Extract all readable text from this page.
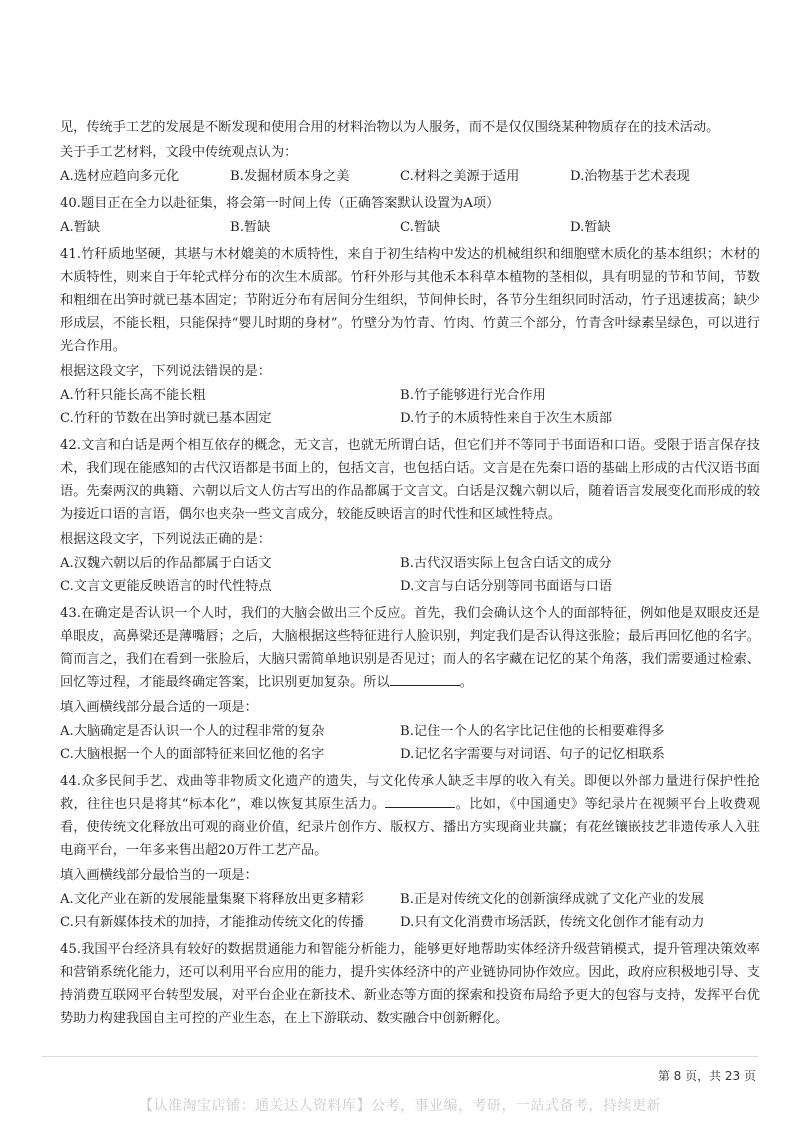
见，传统手工艺的发展是不断发现和使用合用的材料治物以为人服务，而不是仅仅围绕某种物质存在的技术活动。

关于手工艺材料，文段中传统观点认为：

A.选材应趋向多元化	B.发掘材质本身之美	C.材料之美源于适用	D.治物基于艺术表现

40.题目正在全力以赴征集，将会第一时间上传（正确答案默认设置为A项）

A.暂缺	B.暂缺	C.暂缺	D.暂缺

41.竹秆质地坚硬，其堪与木材媲美的木质特性，来自于初生结构中发达的机械组织和细胞壁木质化的基本组织；木材的木质特性，则来自于年轮式样分布的次生木质部。竹秆外形与其他禾本科草本植物的茎相似，具有明显的节和节间，节数和粗细在出笋时就已基本固定；节附近分布有居间分生组织，节间伸长时，各节分生组织同时活动，竹子迅速拔高；缺少形成层，不能长粗，只能保持“婴儿时期的身材”。竹壁分为竹青、竹肉、竹黄三个部分，竹青含叶绿素呈绿色，可以进行光合作用。

根据这段文字，下列说法错误的是：

A.竹秆只能长高不能长粗	B.竹子能够进行光合作用
C.竹秆的节数在出笋时就已基本固定	D.竹子的木质特性来自于次生木质部

42.文言和白话是两个相互依存的概念，无文言，也就无所谓白话，但它们并不等同于书面语和口语。受限于语言保存技术，我们现在能感知的古代汉语都是书面上的，包括文言，也包括白话。文言是在先秦口语的基础上形成的古代汉语书面语。先秦两汉的典籍、六朝以后文人仿古写出的作品都属于文言文。白话是汉魏六朝以后，随着语言发展变化而形成的较为接近口语的言语，偶尔也夹杂一些文言成分，较能反映语言的时代性和区域性特点。

根据这段文字，下列说法正确的是：

A.汉魏六朝以后的作品都属于白话文	B.古代汉语实际上包含白话文的成分
C.文言文更能反映语言的时代性特点	D.文言与白话分别等同书面语与口语

43.在确定是否认识一个人时，我们的大脑会做出三个反应。首先，我们会确认这个人的面部特征，例如他是双眼皮还是单眼皮，高鼻梁还是薄嘴唇；之后，大脑根据这些特征进行人脸识别，判定我们是否认得这张脸；最后再回忆他的名字。简而言之，我们在看到一张脸后，大脑只需简单地识别是否见过；而人的名字藏在记忆的某个角落，我们需要通过检索、回忆等过程，才能最终确定答案，比识别更加复杂。所以	。

填入画横线部分最合适的一项是：

A.大脑确定是否认识一个人的过程非常的复杂	B.记住一个人的名字比记住他的长相要难得多
C.大脑根据一个人的面部特征来回忆他的名字	D.记忆名字需要与对词语、句子的记忆相联系

44.众多民间手艺、戏曲等非物质文化遗产的遗失，与文化传承人缺乏丰厚的收入有关。即便以外部力量进行保护性抢救，往往也只是将其“标本化”，难以恢复其原生活力。	。比如，《中国通史》等纪录片在视频平台上收费观看，使传统文化释放出可观的商业价值，纪录片创作方、版权方、播出方实现商业共赢；有花丝镶嵌技艺非遗传承人入驻电商平台，一年多来售出超20万件工艺产品。

填入画横线部分最恰当的一项是：

A.文化产业在新的发展能量集聚下将释放出更多精彩	B.正是对传统文化的创新演绎成就了文化产业的发展
C.只有新媒体技术的加持，才能推动传统文化的传播	D.只有文化消费市场活跃，传统文化创作才能有动力

45.我国平台经济具有较好的数据贯通能力和智能分析能力，能够更好地帮助实体经济升级营销模式，提升管理决策效率和营销系统化能力，还可以利用平台应用的能力，提升实体经济中的产业链协同协作效应。因此，政府应积极地引导、支持消费互联网平台转型发展，对平台企业在新技术、新业态等方面的探索和投资布局给予更大的包容与支持，发挥平台优势助力构建我国自主可控的产业生态，在上下游联动、数实融合中创新孵化。

第 8 页，共 23 页
【认准淘宝店铺：通关达人资料库】公考，事业编，考研，一站式备考，持续更新
